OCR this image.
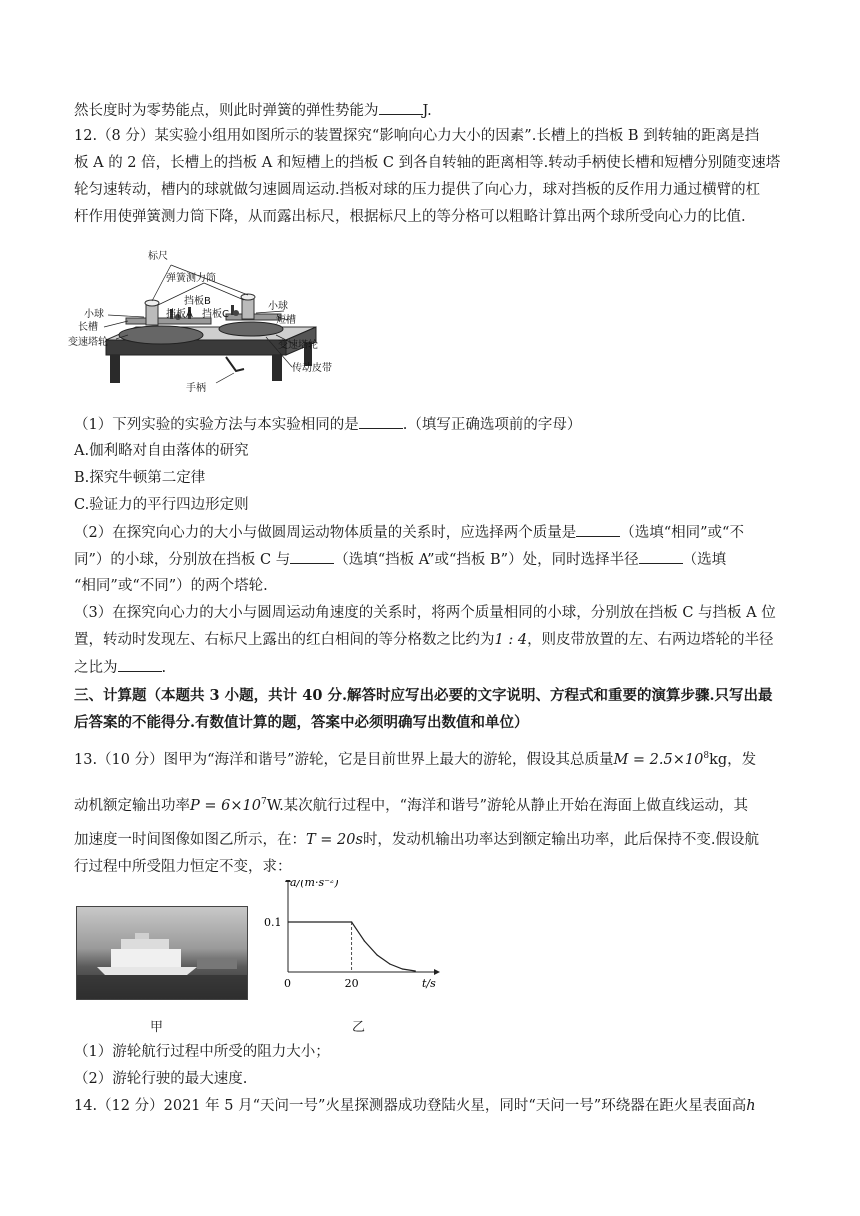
然长度时为零势能点，则此时弹簧的弹性势能为	J.
12.（8 分）某实验小组用如图所示的装置探究“影响向心力大小的因素”.长槽上的挡板 B 到转轴的距离是挡
板 A 的 2 倍，长槽上的挡板 A 和短槽上的挡板 C 到各自转轴的距离相等.转动手柄使长槽和短槽分别随变速塔
轮匀速转动，槽内的球就做匀速圆周运动.挡板对球的压力提供了向心力，球对挡板的反作用力通过横臂的杠
杆作用使弹簧测力筒下降，从而露出标尺，根据标尺上的等分格可以粗略计算出两个球所受向心力的比值.
标尺
弹簧测力筒
挡板B
挡板A 挡板C
小球
小球
长槽
短槽
变速塔轮	变速塔轮
传动皮带
手柄
（1）下列实验的实验方法与本实验相同的是	.（填写正确选项前的字母）
A.伽利略对自由落体的研究
B.探究牛顿第二定律
C.验证力的平行四边形定则
（2）在探究向心力的大小与做圆周运动物体质量的关系时，应选择两个质量是	（选填“相同”或“不
同”）的小球，分别放在挡板 C 与	（选填“挡板 A”或“挡板 B”）处，同时选择半径	（选填
“相同”或“不同”）的两个塔轮.
（3）在探究向心力的大小与圆周运动角速度的关系时，将两个质量相同的小球，分别放在挡板 C 与挡板 A 位
置，转动时发现左、右标尺上露出的红白相间的等分格数之比约为1 : 4，则皮带放置的左、右两边塔轮的半径
之比为	.
三、计算题（本题共 3 小题，共计 40 分.解答时应写出必要的文字说明、方程式和重要的演算步骤.只写出最
后答案的不能得分.有数值计算的题，答案中必须明确写出数值和单位）
13.（10 分）图甲为“海洋和谐号”游轮，它是目前世界上最大的游轮，假设其总质量$M = 2.5\times 10^8kg$，发
动机额定输出功率$P = 6\times 10^7W$.某次航行过程中，“海洋和谐号”游轮从静止开始在海面上做直线运动，其
加速度一时间图像如图乙所示，在：T = 20s时，发动机输出功率达到额定输出功率，此后保持不变.假设航
行过程中所受阻力恒定不变，求：
甲
20
0.1
0	t/s
a/(m·s⁻²)
乙
（1）游轮航行过程中所受的阻力大小；
（2）游轮行驶的最大速度.
14.（12 分）2021 年 5 月“天问一号”火星探测器成功登陆火星，同时“天问一号”环绕器在距火星表面高h
